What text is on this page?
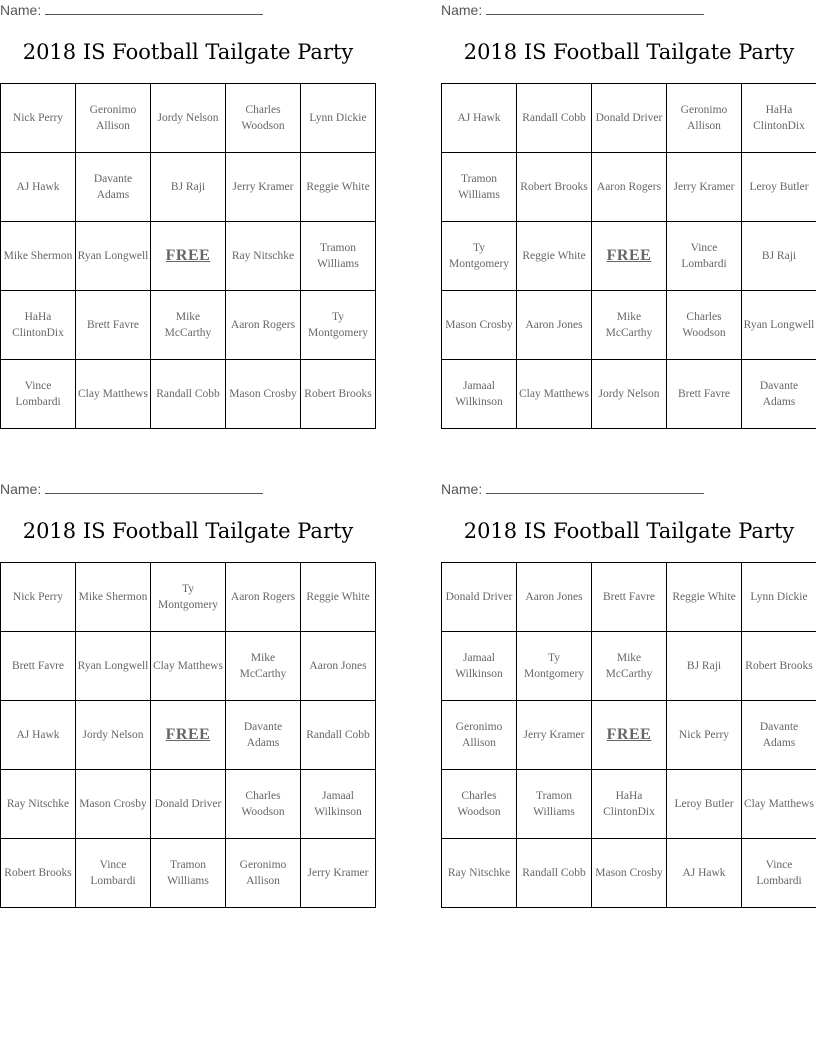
Name:
2018 IS Football Tailgate Party
Nick Perry	Geronimo Allison	Jordy Nelson	Charles Woodson	Lynn Dickie
AJ Hawk	Davante Adams	BJ Raji	Jerry Kramer	Reggie White
Mike Shermon	Ryan Longwell	FREE	Ray Nitschke	Tramon Williams
HaHa ClintonDix	Brett Favre	Mike McCarthy	Aaron Rogers	Ty Montgomery
Vince Lombardi	Clay Matthews	Randall Cobb	Mason Crosby	Robert Brooks
Name:
2018 IS Football Tailgate Party
AJ Hawk	Randall Cobb	Donald Driver	Geronimo Allison	HaHa ClintonDix
Tramon Williams	Robert Brooks	Aaron Rogers	Jerry Kramer	Leroy Butler
Ty Montgomery	Reggie White	FREE	Vince Lombardi	BJ Raji
Mason Crosby	Aaron Jones	Mike McCarthy	Charles Woodson	Ryan Longwell
Jamaal Wilkinson	Clay Matthews	Jordy Nelson	Brett Favre	Davante Adams
Name:
2018 IS Football Tailgate Party
Nick Perry	Mike Shermon	Ty Montgomery	Aaron Rogers	Reggie White
Brett Favre	Ryan Longwell	Clay Matthews	Mike McCarthy	Aaron Jones
AJ Hawk	Jordy Nelson	FREE	Davante Adams	Randall Cobb
Ray Nitschke	Mason Crosby	Donald Driver	Charles Woodson	Jamaal Wilkinson
Robert Brooks	Vince Lombardi	Tramon Williams	Geronimo Allison	Jerry Kramer
Name:
2018 IS Football Tailgate Party
Donald Driver	Aaron Jones	Brett Favre	Reggie White	Lynn Dickie
Jamaal Wilkinson	Ty Montgomery	Mike McCarthy	BJ Raji	Robert Brooks
Geronimo Allison	Jerry Kramer	FREE	Nick Perry	Davante Adams
Charles Woodson	Tramon Williams	HaHa ClintonDix	Leroy Butler	Clay Matthews
Ray Nitschke	Randall Cobb	Mason Crosby	AJ Hawk	Vince Lombardi
